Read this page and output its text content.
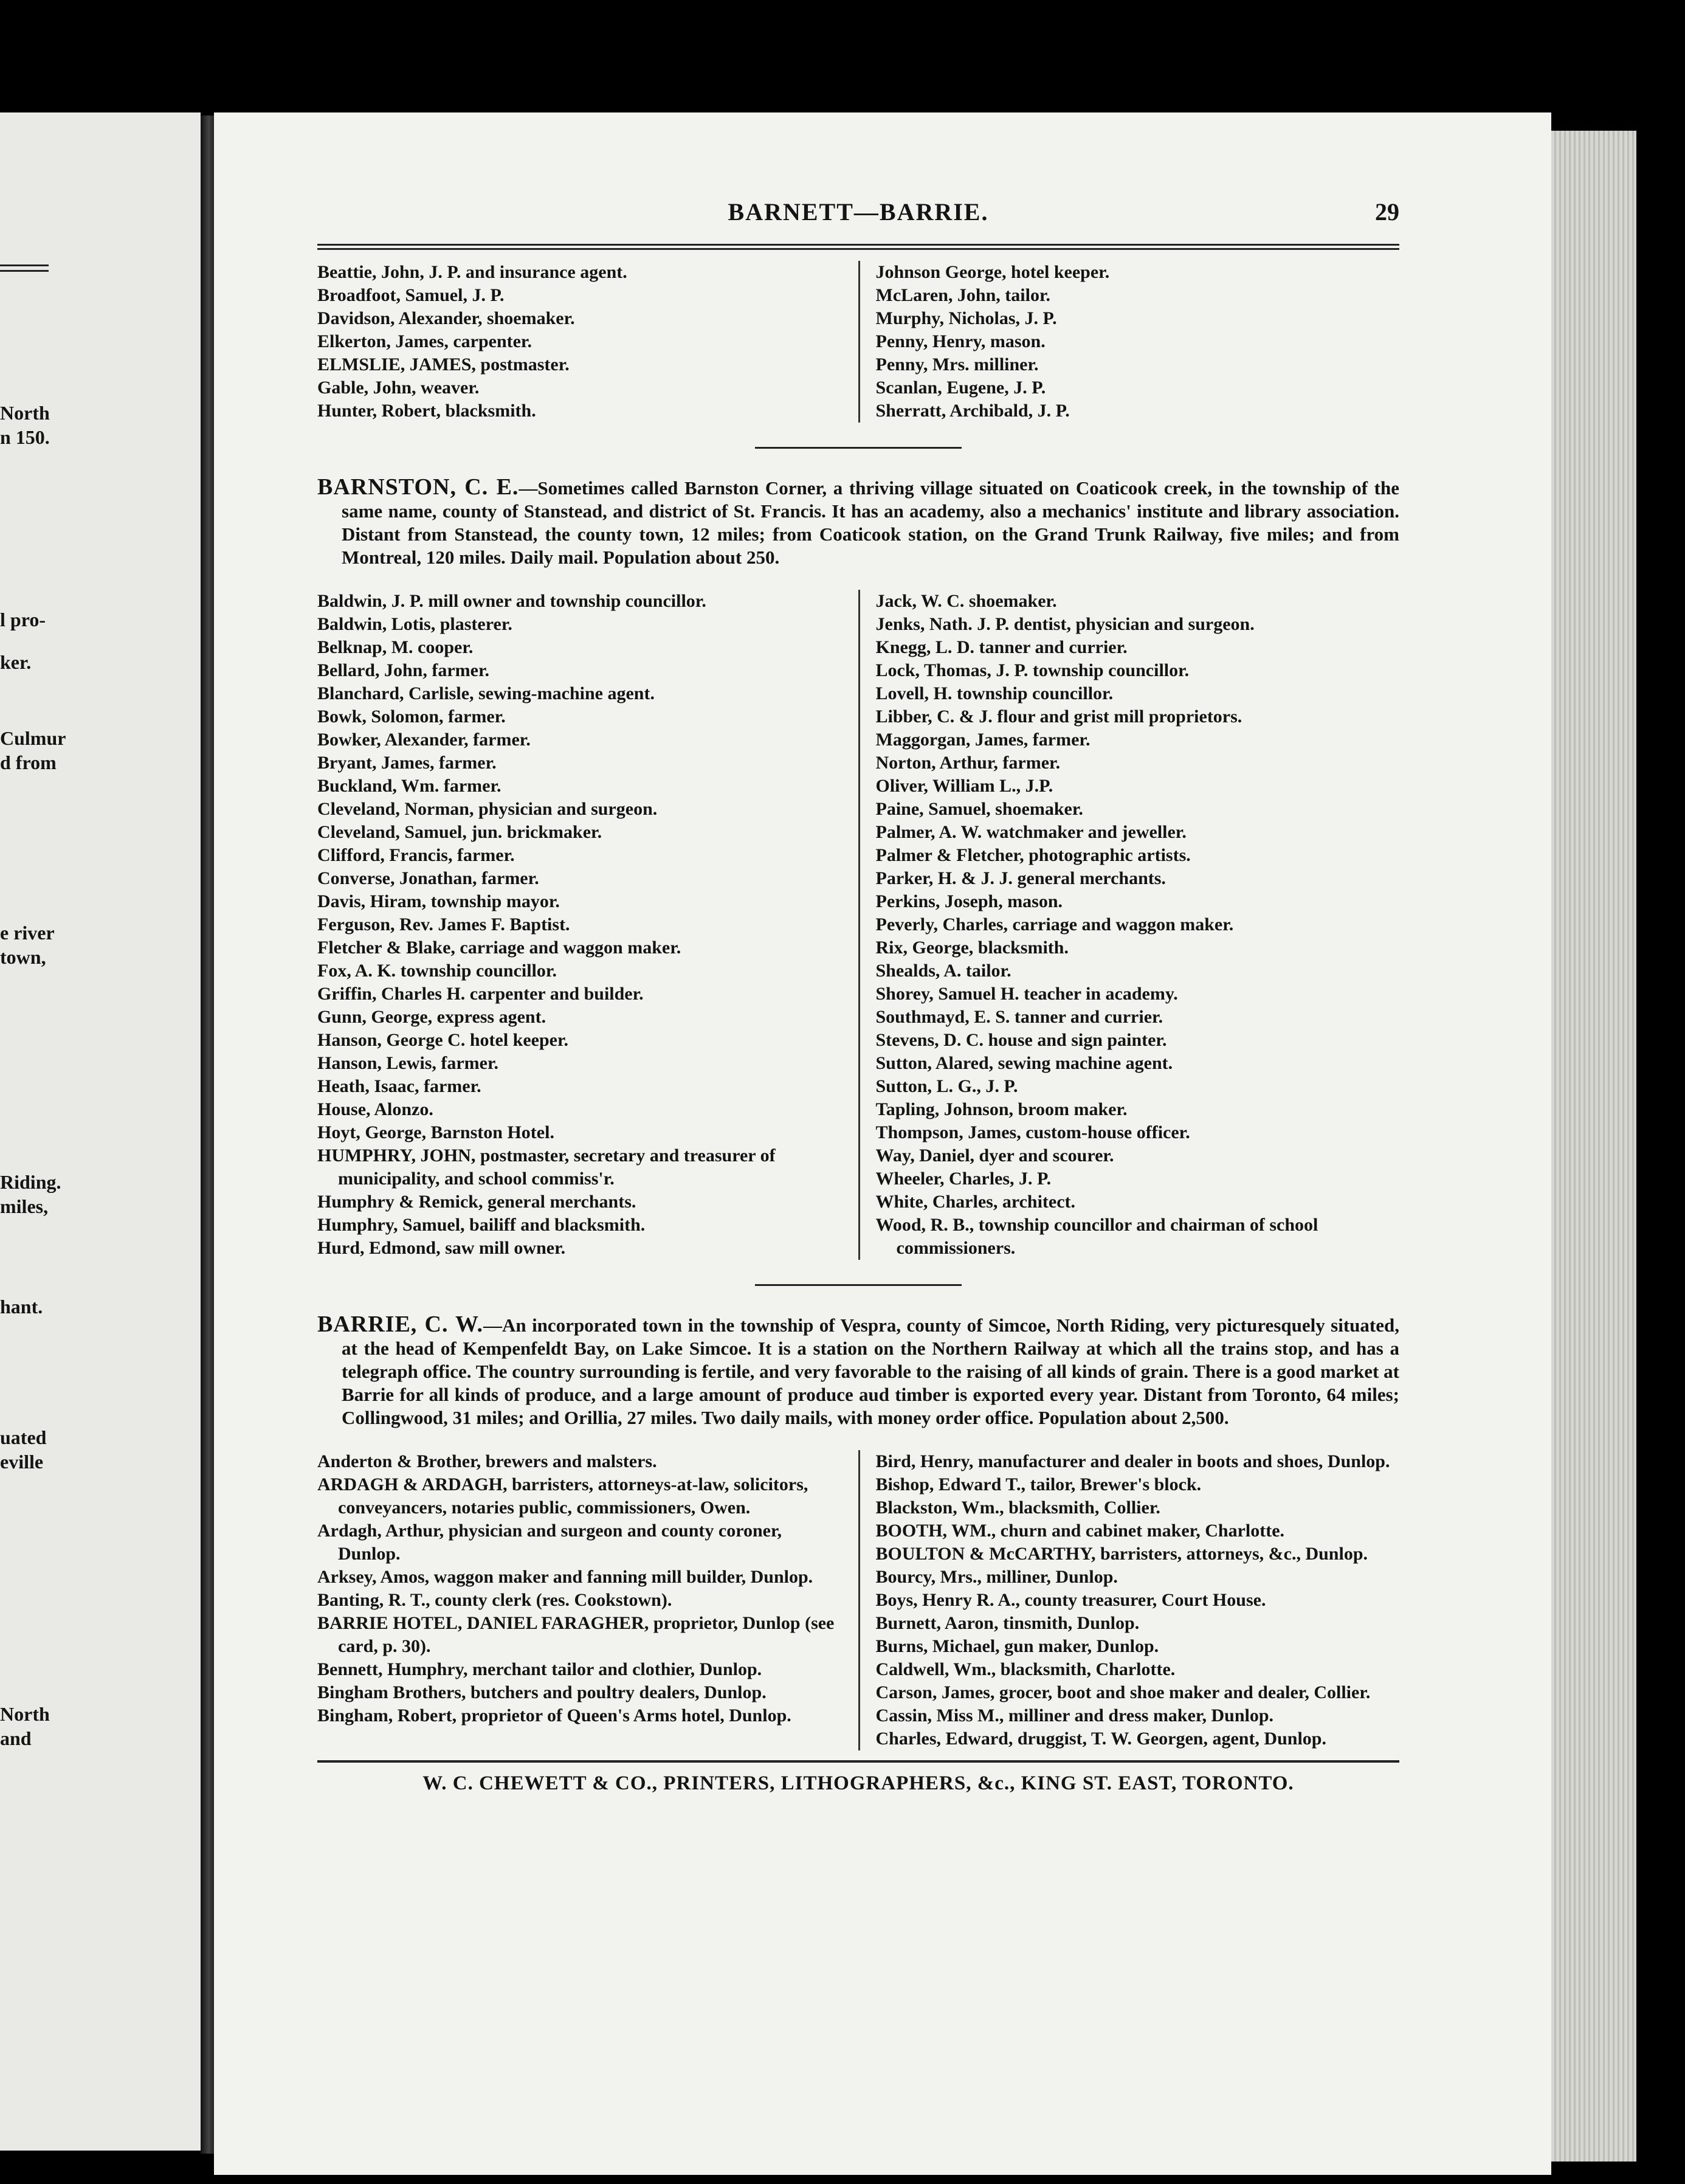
North
n 150.
l pro-
ker.
Culmur
d from
e river
town,
Riding.
miles,
hant.
uated
eville
North
and
BARNETT—BARRIE.	29
Beattie, John, J. P. and insurance agent.
Broadfoot, Samuel, J. P.
Davidson, Alexander, shoemaker.
Elkerton, James, carpenter.
ELMSLIE, JAMES, postmaster.
Gable, John, weaver.
Hunter, Robert, blacksmith.
Johnson George, hotel keeper.
McLaren, John, tailor.
Murphy, Nicholas, J. P.
Penny, Henry, mason.
Penny, Mrs. milliner.
Scanlan, Eugene, J. P.
Sherratt, Archibald, J. P.
BARNSTON, C. E.—Sometimes called Barnston Corner, a thriving village situated on Coaticook creek, in the township of the same name, county of Stanstead, and district of St. Francis. It has an academy, also a mechanics' institute and library association. Distant from Stanstead, the county town, 12 miles; from Coaticook station, on the Grand Trunk Railway, five miles; and from Montreal, 120 miles. Daily mail. Population about 250.
Baldwin, J. P. mill owner and township councillor.
Baldwin, Lotis, plasterer.
Belknap, M. cooper.
Bellard, John, farmer.
Blanchard, Carlisle, sewing-machine agent.
Bowk, Solomon, farmer.
Bowker, Alexander, farmer.
Bryant, James, farmer.
Buckland, Wm. farmer.
Cleveland, Norman, physician and surgeon.
Cleveland, Samuel, jun. brickmaker.
Clifford, Francis, farmer.
Converse, Jonathan, farmer.
Davis, Hiram, township mayor.
Ferguson, Rev. James F. Baptist.
Fletcher & Blake, carriage and waggon maker.
Fox, A. K. township councillor.
Griffin, Charles H. carpenter and builder.
Gunn, George, express agent.
Hanson, George C. hotel keeper.
Hanson, Lewis, farmer.
Heath, Isaac, farmer.
House, Alonzo.
Hoyt, George, Barnston Hotel.
HUMPHRY, JOHN, postmaster, secretary and treasurer of municipality, and school commiss'r.
Humphry & Remick, general merchants.
Humphry, Samuel, bailiff and blacksmith.
Hurd, Edmond, saw mill owner.
Jack, W. C. shoemaker.
Jenks, Nath. J. P. dentist, physician and surgeon.
Knegg, L. D. tanner and currier.
Lock, Thomas, J. P. township councillor.
Lovell, H. township councillor.
Libber, C. & J. flour and grist mill proprietors.
Maggorgan, James, farmer.
Norton, Arthur, farmer.
Oliver, William L., J.P.
Paine, Samuel, shoemaker.
Palmer, A. W. watchmaker and jeweller.
Palmer & Fletcher, photographic artists.
Parker, H. & J. J. general merchants.
Perkins, Joseph, mason.
Peverly, Charles, carriage and waggon maker.
Rix, George, blacksmith.
Shealds, A. tailor.
Shorey, Samuel H. teacher in academy.
Southmayd, E. S. tanner and currier.
Stevens, D. C. house and sign painter.
Sutton, Alared, sewing machine agent.
Sutton, L. G., J. P.
Tapling, Johnson, broom maker.
Thompson, James, custom-house officer.
Way, Daniel, dyer and scourer.
Wheeler, Charles, J. P.
White, Charles, architect.
Wood, R. B., township councillor and chairman of school commissioners.
BARRIE, C. W.—An incorporated town in the township of Vespra, county of Simcoe, North Riding, very picturesquely situated, at the head of Kempenfeldt Bay, on Lake Simcoe. It is a station on the Northern Railway at which all the trains stop, and has a telegraph office. The country surrounding is fertile, and very favorable to the raising of all kinds of grain. There is a good market at Barrie for all kinds of produce, and a large amount of produce aud timber is exported every year. Distant from Toronto, 64 miles; Collingwood, 31 miles; and Orillia, 27 miles. Two daily mails, with money order office. Population about 2,500.
Anderton & Brother, brewers and malsters.
ARDAGH & ARDAGH, barristers, attorneys-at-law, solicitors, conveyancers, notaries public, commissioners, Owen.
Ardagh, Arthur, physician and surgeon and county coroner, Dunlop.
Arksey, Amos, waggon maker and fanning mill builder, Dunlop.
Banting, R. T., county clerk (res. Cookstown).
BARRIE HOTEL, DANIEL FARAGHER, proprietor, Dunlop (see card, p. 30).
Bennett, Humphry, merchant tailor and clothier, Dunlop.
Bingham Brothers, butchers and poultry dealers, Dunlop.
Bingham, Robert, proprietor of Queen's Arms hotel, Dunlop.
Bird, Henry, manufacturer and dealer in boots and shoes, Dunlop.
Bishop, Edward T., tailor, Brewer's block.
Blackston, Wm., blacksmith, Collier.
BOOTH, WM., churn and cabinet maker, Charlotte.
BOULTON & McCARTHY, barristers, attorneys, &c., Dunlop.
Bourcy, Mrs., milliner, Dunlop.
Boys, Henry R. A., county treasurer, Court House.
Burnett, Aaron, tinsmith, Dunlop.
Burns, Michael, gun maker, Dunlop.
Caldwell, Wm., blacksmith, Charlotte.
Carson, James, grocer, boot and shoe maker and dealer, Collier.
Cassin, Miss M., milliner and dress maker, Dunlop.
Charles, Edward, druggist, T. W. Georgen, agent, Dunlop.
W. C. CHEWETT & CO., PRINTERS, LITHOGRAPHERS, &c., KING ST. EAST, TORONTO.
